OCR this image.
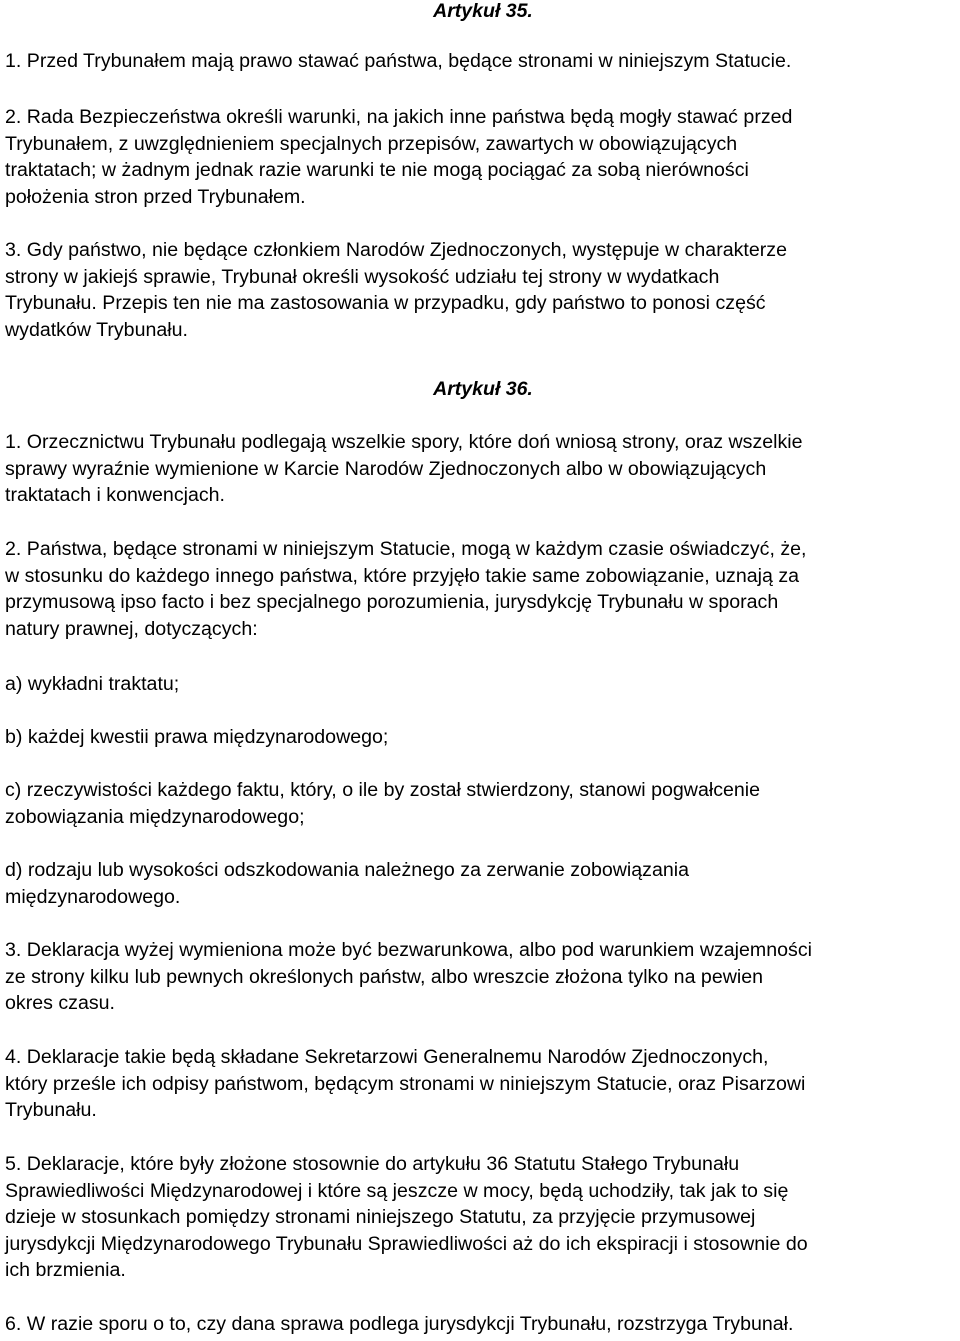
Artykuł 35.

1. Przed Trybunałem mają prawo stawać państwa, będące stronami w niniejszym Statucie.

2. Rada Bezpieczeństwa określi warunki, na jakich inne państwa będą mogły stawać przed
Trybunałem, z uwzględnieniem specjalnych przepisów, zawartych w obowiązujących
traktatach; w żadnym jednak razie warunki te nie mogą pociągać za sobą nierówności
położenia stron przed Trybunałem.

3. Gdy państwo, nie będące członkiem Narodów Zjednoczonych, występuje w charakterze
strony w jakiejś sprawie, Trybunał określi wysokość udziału tej strony w wydatkach
Trybunału. Przepis ten nie ma zastosowania w przypadku, gdy państwo to ponosi część
wydatków Trybunału.

Artykuł 36.

1. Orzecznictwu Trybunału podlegają wszelkie spory, które doń wniosą strony, oraz wszelkie
sprawy wyraźnie wymienione w Karcie Narodów Zjednoczonych albo w obowiązujących
traktatach i konwencjach.

2. Państwa, będące stronami w niniejszym Statucie, mogą w każdym czasie oświadczyć, że,
w stosunku do każdego innego państwa, które przyjęło takie same zobowiązanie, uznają za
przymusową ipso facto i bez specjalnego porozumienia, jurysdykcję Trybunału w sporach
natury prawnej, dotyczących:

a) wykładni traktatu;

b) każdej kwestii prawa międzynarodowego;

c) rzeczywistości każdego faktu, który, o ile by został stwierdzony, stanowi pogwałcenie
zobowiązania międzynarodowego;

d) rodzaju lub wysokości odszkodowania należnego za zerwanie zobowiązania
międzynarodowego.

3. Deklaracja wyżej wymieniona może być bezwarunkowa, albo pod warunkiem wzajemności
ze strony kilku lub pewnych określonych państw, albo wreszcie złożona tylko na pewien
okres czasu.

4. Deklaracje takie będą składane Sekretarzowi Generalnemu Narodów Zjednoczonych,
który prześle ich odpisy państwom, będącym stronami w niniejszym Statucie, oraz Pisarzowi
Trybunału.

5. Deklaracje, które były złożone stosownie do artykułu 36 Statutu Stałego Trybunału
Sprawiedliwości Międzynarodowej i które są jeszcze w mocy, będą uchodziły, tak jak to się
dzieje w stosunkach pomiędzy stronami niniejszego Statutu, za przyjęcie przymusowej
jurysdykcji Międzynarodowego Trybunału Sprawiedliwości aż do ich ekspiracji i stosownie do
ich brzmienia.

6. W razie sporu o to, czy dana sprawa podlega jurysdykcji Trybunału, rozstrzyga Trybunał.
